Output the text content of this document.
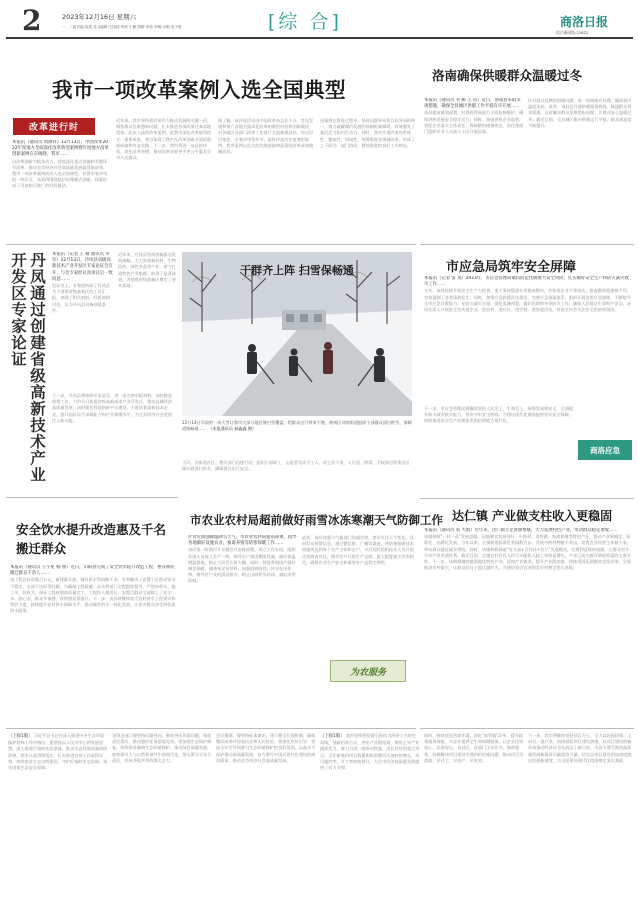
2	2023年12月16日 星期六
一、二版责编:高妮 见习编辑:王国林 终校:王鹏 照排:李伟 审稿:余刚 电子版	[综 合]	商洛日报
综合新闻版:23622
我市一项改革案例入选全国典型
改革进行时
本报讯（通讯员 周源祥）12月13日，中国改革2022年度地方全面深化改革典型案例暨年度地方改革创新案例在京揭晓，我市……
以改革创新为根本动力，持续深化重点领域和关键环节改革，推动全市经济社会高质量发展取得新成效。我市一项改革案例成功入选全国典型，获得专家评审组一致认可。该案例围绕基层治理模式创新，探索形成了可复制可推广的经验做法。
近年来，我市坚持把改革作为推动发展的关键一招，聚焦群众急难愁盼问题，扎实推进各项改革任务落地见效。此次入选的改革案例，是我市深化改革取得的又一重要成果，充分体现了我市在改革创新方面的积极探索和有益实践。下一步，我市将进一步总结经验，深化改革举措，推动改革成果更多更公平惠及全市人民群众。
据了解，该评选活动由中国改革杂志社主办，旨在发现和推广各地全面深化改革的典型经验和创新做法，对各地区各部门改革工作进行全面梳理总结，经过层层推荐、专家评审等环节，最终评选出年度典型案例。我市案例以扎实的实践基础和显著的改革成效脱颖而出。
该案例在推进过程中，坚持问题导向和目标导向相统一，着力破解制约发展的体制机制障碍，有效激发了基层活力和内生动力。同时，我市注重改革的系统性、整体性、协同性，统筹推进各领域改革，形成了上下联动、部门协同、整体推进的良好工作格局。
洛南确保供暖群众温暖过冬
本报讯（通讯员 李 姬 王 苗）近日，洛南县采取多项措施，确保全县城区供暖工作平稳有序开展……
该县提前谋划部署，对供热管网进行全面检修维护，确保供热设施安全稳定运行。同时，加强供热企业监管，督促企业落实主体责任，保障燃料储备充足。县住建部门组织专业人员深入小区开展巡查。
针对群众反映的供暖问题，第一时间响应处理，确保室内温度达标。此外，该县还开通供暖服务热线，畅通群众诉求渠道，及时解决群众急难愁盼问题，让群众安心温暖过冬。截至目前，全县城区集中供暖运行平稳，群众满意度不断提升。
丹凤通过创建省级高新技术产业开发区专家论证	本报讯（记者 王 微 通讯员 李 军）12月13日，丹凤县省级高新技术产业开发区专家论证会召开，与会专家经认真审议后一致同意……
论证会上，专家组听取了丹凤县关于创建省级高新区的工作汇报，审阅了相关材料，经质询和讨论，认为丹凤县具备创建条件。
近年来，丹凤县坚持创新驱动发展战略，大力发展新材料、生物医药、绿色食品等产业，着力打造特色产业集群，取得了显著成效，为创建省级高新区奠定了坚实基础。
下一步，丹凤县将按照专家意见，进一步完善申报材料，加快推进创建工作，力争早日获批省级高新技术产业开发区，推动县域经济高质量发展。同时强化科技创新平台建设，引进培育高新技术企业，提升园区综合承载能力和产业集聚水平，为全县经济社会发展注入新动能。
干群齐上阵 扫雪保畅通
12月14日早晨的一场大雪让我市大部分地区被白雪覆盖，给群众出行带来不便。商州区刘湾街道组织干部群众清扫积雪，保障道路畅通…… （本报通讯员 郝鑫鑫 摄）
当天，各街道社区、相关部门迅速行动，组织干部职工、志愿者及环卫工人，对主次干道、人行道、桥梁、学校周边等重点区域开展清扫作业，确保群众出行安全。
市应急局筑牢安全屏障
本报讯（记者 雷 斐）2023年，市应急管理局紧扣防范化解重大安全风险，扎实做好安全生产和防灾减灾救灾工作……
全年，该局持续开展安全生产大检查、重大事故隐患专项排查整治，共检查企业千余家次，排查整改隐患数千项，有效遏制了各类事故发生。同时，加强应急救援队伍建设，完善应急预案体系，组织开展各类应急演练，不断提升全市应急处置能力。在防灾减灾方面，强化监测预警，做好汛期和冬季防灾工作，确保人民群众生命财产安全。该局还深入开展安全宣传进企业、进农村、进社区、进学校、进家庭活动，营造全社会关注安全的浓厚氛围。
下一步，市应急管理局将继续坚持人民至上、生命至上，统筹发展和安全，全面提升防灾减灾救灾能力，坚决守牢安全底线，为建设现代化商洛提供坚实安全保障，持续推进安全生产治理体系和治理能力现代化。
商洛应急
达仁镇 产业做支柱收入更稳固
本报讯（通讯员 朱 大娟）近年来，达仁镇立足资源禀赋，大力发展特色产业，带动群众稳定增收……
该镇按照"一村一品"发展思路，因地制宜发展茶叶、中药材、食用菌、畜禽养殖等特色产业，推动产业规模化、标准化、品牌化发展。今年以来，全镇新建标准化茶园数百亩，发展中药材种植千余亩，培育农业经营主体数十家，带动群众就近就业增收。同时，该镇积极探索"党支部+合作社+农户"发展模式，完善利益联结机制，让群众更多分享产业发展红利。截至目前，全镇农村居民人均可支配收入较上年明显增长，产业已成为群众增收致富的主要支柱。下一步，该镇将继续做强做优特色产业，延伸产业链条，提升产业附加值，持续巩固拓展脱贫攻坚成果，全面推进乡村振兴，让群众的日子越过越红火，为建设宜居宜业和美乡村奠定坚实基础。
安全饮水提升改造惠及千名搬迁群众
本报讯（通讯员 王小星 杨 燕）近日，山阳县完成了安全饮水提升改造工程，惠及移民搬迁群众千余人……
该工程总投资数百万元，新建蓄水池、铺设供水管网数千米，有效解决了安置小区群众饮水不稳定、水质不达标等问题。为确保工程质量，县水利部门全程跟踪督导，严把材料关、施工关、验收关，保证工程按期高质量完工。工程投入使用后，安置点群众全部喝上了安全水、放心水，群众幸福感、获得感显著提升。下一步，该县将继续加大农村供水工程建设和管护力度，持续提升农村供水保障水平，推动城乡供水一体化发展，让更多群众享受到优质供水服务。
市农业农村局超前做好雨雪冰冻寒潮天气防御工作
针对近期强降温降雪天气，市农业农村局提前部署，指导各地做好设施农业、畜禽养殖等防寒保暖工作……
该局第一时间召开专题会议安排部署，成立工作专班，组织农技人员深入生产一线，指导农户加固棚室设施，做好保温增温措施，防止大风雪压垮大棚。同时，督促养殖场户做好圈舍保暖，储备充足饲草料，加强疫病防控。针对在田作物，指导农户及时清沟排水，防止田间积水结冰，减轻冻害影响。
此外，该局加强与气象部门沟通会商，密切关注天气变化，及时发布预警信息，通过微信群、广播等渠道，将防寒保暖技术措施传达到每个生产主体和农户。灾后及时组织技术人员开展灾情调查评估，指导农户开展生产自救，最大限度减少灾害损失，确保农业生产安全和重要农产品稳定供给。
为农服务
（上接1版） 习近平总书记在深入推进中央生态环境保护督察工作中指出，要坚持以人民为中心的发展思想，深入推进污染防治攻坚战，推动生态环境质量持续改善。我市认真贯彻落实，扎实推进各项工作取得实效，持续推进生态文明建设，守护好秦岭生态屏障，筑牢国家生态安全屏障。
各级各部门要坚持问题导向，聚焦突出环境问题，强化责任落实，推动整改任务落地见效。要加强生态保护修复，持续推进秦岭生态环境保护，推动绿色低碳发展，加快建设人与自然和谐共生的现代化。要压紧压实各方责任，形成齐抓共管的强大合力。
会议强调，要坚持标本兼治，建立健全长效机制，确保整改成果经得起历史和人民检验。要强化宣传引导，营造全社会共同参与生态环境保护的良好氛围，以高水平保护推动高质量发展，奋力谱写中国式现代化建设的商洛篇章，推动全市经济社会高质量发展。
（上接1版） 我市坚持把招商引资作为经济工作的生命线，创新招商方式，突出产业链招商，聚焦主导产业精准发力，着力引进一批带动性强、成长性好的重大项目。全年新签约项目数量和投资额均实现较快增长，项目履约率、开工率持续提升，为全市经济高质量发展提供了有力支撑。
同时，持续优化营商环境，深化"放管服"改革，提升政务服务效能，为企业提供全生命周期服务，让企业投资放心、发展安心。各县区、各部门主动作为，靠前服务，协调解决项目建设中遇到的困难问题，推动项目早落地、早开工、早投产、早见效。
下一步，我市将继续坚持项目为王，全力以赴抓招商、上项目、强产业，持续掀起项目建设热潮，以项目建设的新成效推动经济社会发展迈上新台阶，为奋力谱写陕西高质量发展新篇章贡献商洛力量，切实以项目建设的加速度跑出发展新速度，为全面建设现代化商洛奠定坚实基础。
